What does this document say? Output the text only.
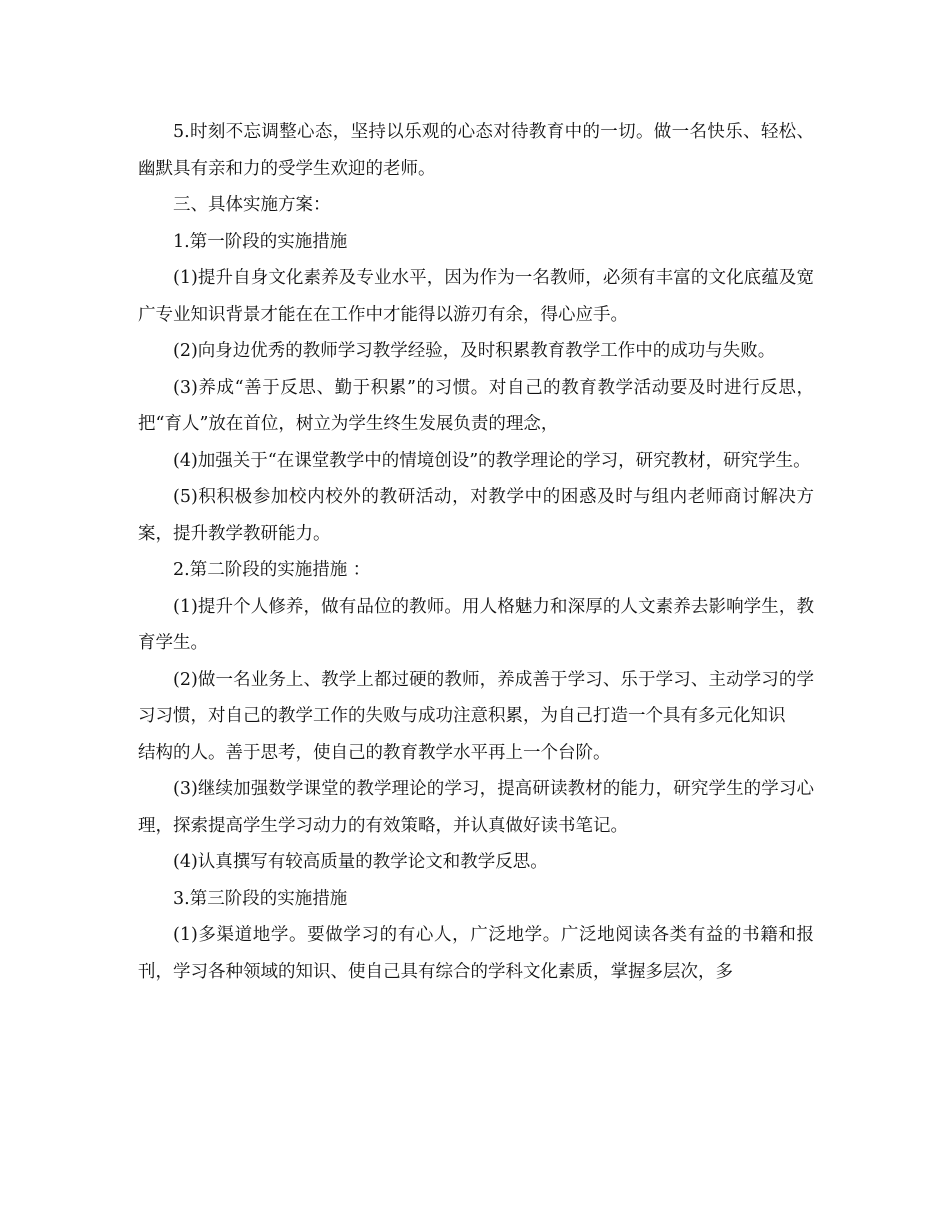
5.时刻不忘调整心态，坚持以乐观的心态对待教育中的一切。做一名快乐、轻松、幽默具有亲和力的受学生欢迎的老师。

三、具体实施方案：

1.第一阶段的实施措施

(1)提升自身文化素养及专业水平，因为作为一名教师，必须有丰富的文化底蕴及宽广专业知识背景才能在在工作中才能得以游刃有余，得心应手。

(2)向身边优秀的教师学习教学经验，及时积累教育教学工作中的成功与失败。

(3)养成“善于反思、勤于积累”的习惯。对自己的教育教学活动要及时进行反思，把“育人”放在首位，树立为学生终生发展负责的理念，

(4)加强关于“在课堂教学中的情境创设”的教学理论的学习，研究教材，研究学生。

(5)积积极参加校内校外的教研活动，对教学中的困惑及时与组内老师商讨解决方案，提升教学教研能力。

2.第二阶段的实施措施 ：

(1)提升个人修养，做有品位的教师。用人格魅力和深厚的人文素养去影响学生，教育学生。

(2)做一名业务上、教学上都过硬的教师，养成善于学习、乐于学习、主动学习的学习习惯，对自己的教学工作的失败与成功注意积累，为自己打造一个具有多元化知识

结构的人。善于思考，使自己的教育教学水平再上一个台阶。

(3)继续加强数学课堂的教学理论的学习，提高研读教材的能力，研究学生的学习心理，探索提高学生学习动力的有效策略，并认真做好读书笔记。

(4)认真撰写有较高质量的教学论文和教学反思。

3.第三阶段的实施措施

(1)多渠道地学。要做学习的有心人，广泛地学。广泛地阅读各类有益的书籍和报刊，学习各种领域的知识、使自己具有综合的学科文化素质，掌握多层次，多
